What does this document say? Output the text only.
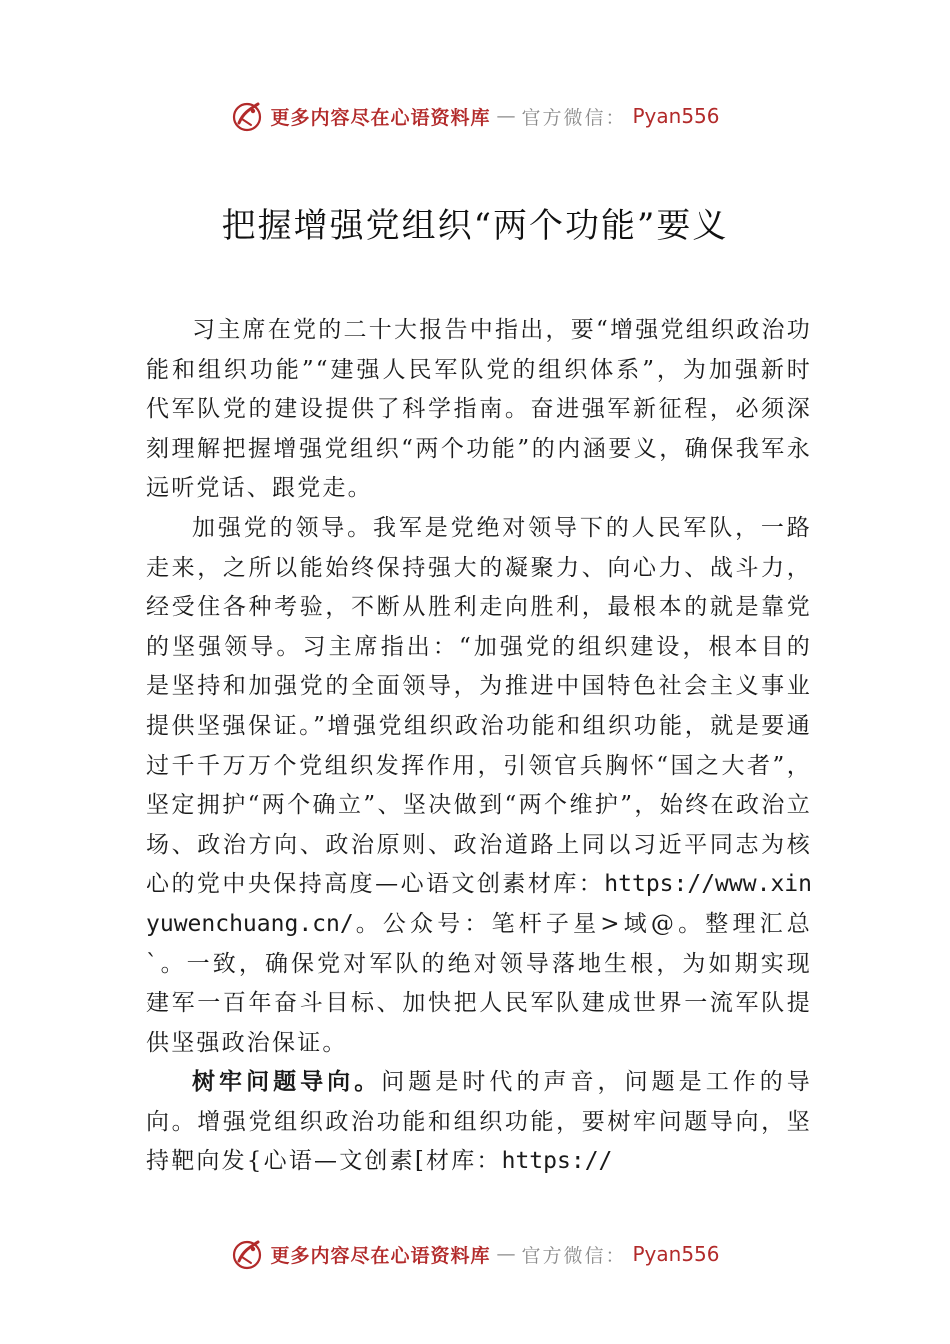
更多内容尽在心语资料库 — 官方微信： Pyan556
把握增强党组织“两个功能”要义

习主席在党的二十大报告中指出，要“增强党组织政治功能和组织功能”“建强人民军队党的组织体系”，为加强新时代军队党的建设提供了科学指南。奋进强军新征程，必须深刻理解把握增强党组织“两个功能”的内涵要义，确保我军永远听党话、跟党走。

加强党的领导。我军是党绝对领导下的人民军队，一路走来，之所以能始终保持强大的凝聚力、向心力、战斗力，经受住各种考验，不断从胜利走向胜利，最根本的就是靠党的坚强领导。习主席指出：“加强党的组织建设，根本目的是坚持和加强党的全面领导，为推进中国特色社会主义事业提供坚强保证。”增强党组织政治功能和组织功能，就是要通过千千万万个党组织发挥作用，引领官兵胸怀“国之大者”，坚定拥护“两个确立”、坚决做到“两个维护”，始终在政治立场、政治方向、政治原则、政治道路上同以习近平同志为核心的党中央保持高度—心语文创素材库：https://www.xinyuwenchuang.cn/。公众号：笔杆子星>域@。整理汇总`。一致，确保党对军队的绝对领导落地生根，为如期实现建军一百年奋斗目标、加快把人民军队建成世界一流军队提供坚强政治保证。

树牢问题导向。问题是时代的声音，问题是工作的导向。增强党组织政治功能和组织功能，要树牢问题导向，坚持靶向发{心语—文创素[材库：https://

更多内容尽在心语资料库 — 官方微信： Pyan556
